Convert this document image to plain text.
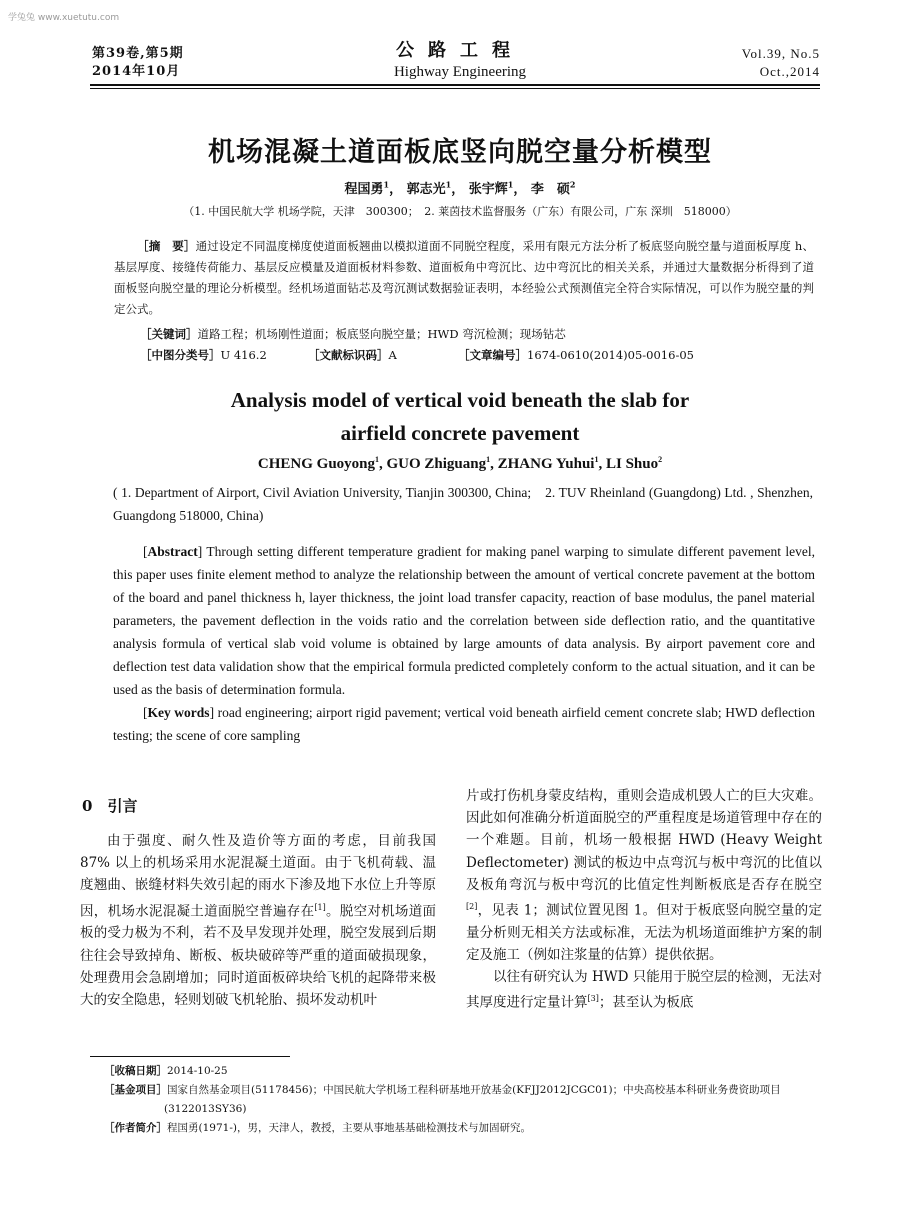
学兔兔 www.xuetutu.com
第39卷,第5期
2014年10月
公路工程
Highway Engineering
Vol.39, No.5
Oct.,2014
机场混凝土道面板底竖向脱空量分析模型
程国勇$^1$， 郭志光$^1$， 张宇辉$^1$， 李　硕$^2$
（1. 中国民航大学 机场学院，天津　300300；　2. 莱茵技术监督服务（广东）有限公司，广东 深圳　518000）

  ［摘　要］通过设定不同温度梯度使道面板翘曲以模拟道面不同脱空程度，采用有限元方法分析了板底竖向脱空量与道面板厚度 h、基层厚度、接缝传荷能力、基层反应模量及道面板材料参数、道面板角中弯沉比、边中弯沉比的相关关系，并通过大量数据分析得到了道面板竖向脱空量的理论分析模型。经机场道面钻芯及弯沉测试数据验证表明，本经验公式预测值完全符合实际情况，可以作为脱空量的判定公式。

［关键词］道路工程；机场刚性道面；板底竖向脱空量；HWD 弯沉检测；现场钻芯
［中图分类号］U 416.2	［文献标识码］A	［文章编号］1674-0610(2014)05-0016-05
Analysis model of vertical void beneath the slab for
airfield concrete pavement
CHENG Guoyong$^1$, GUO Zhiguang$^1$, ZHANG Yuhui$^1$, LI Shuo$^2$
( 1. Department of Airport, Civil Aviation University, Tianjin 300300, China;　2. TUV Rheinland (Guangdong) Ltd. , Shenzhen, Guangdong 518000, China)

[Abstract] Through setting different temperature gradient for making panel warping to simulate different pavement level, this paper uses finite element method to analyze the relationship between the amount of vertical concrete pavement at the bottom of the board and panel thickness h, layer thickness, the joint load transfer capacity, reaction of base modulus, the panel material parameters, the pavement deflection in the voids ratio and the correlation between side deflection ratio, and the quantitative analysis formula of vertical slab void volume is obtained by large amounts of data analysis. By airport pavement core and deflection test data validation show that the empirical formula predicted completely conform to the actual situation, and it can be used as the basis of determination formula.

[Key words] road engineering; airport rigid pavement; vertical void beneath airfield cement concrete slab; HWD deflection testing; the scene of core sampling

0  引言

由于强度、耐久性及造价等方面的考虑，目前我国 87% 以上的机场采用水泥混凝土道面。由于飞机荷载、温度翘曲、嵌缝材料失效引起的雨水下渗及地下水位上升等原因，机场水泥混凝土道面脱空普遍存在[1]。脱空对机场道面板的受力极为不利，若不及早发现并处理，脱空发展到后期往往会导致掉角、断板、板块破碎等严重的道面破损现象，处理费用会急剧增加；同时道面板碎块给飞机的起降带来极大的安全隐患，轻则划破飞机轮胎、损坏发动机叶

片或打伤机身蒙皮结构，重则会造成机毁人亡的巨大灾难。因此如何准确分析道面脱空的严重程度是场道管理中存在的一个难题。目前，机场一般根据 HWD (Heavy Weight Deflectometer) 测试的板边中点弯沉与板中弯沉的比值以及板角弯沉与板中弯沉的比值定性判断板底是否存在脱空[2]，见表 1；测试位置见图 1。但对于板底竖向脱空量的定量分析则无相关方法或标准，无法为机场道面维护方案的制定及施工（例如注浆量的估算）提供依据。

以往有研究认为 HWD 只能用于脱空层的检测，无法对其厚度进行定量计算[3]；甚至认为板底

［收稿日期］2014-10-25

［基金项目］国家自然基金项目(51178456)；中国民航大学机场工程科研基地开放基金(KFJJ2012JCGC01)；中央高校基本科研业务费资助项目(3122013SY36)

［作者简介］程国勇(1971-)，男，天津人，教授，主要从事地基基础检测技术与加固研究。
